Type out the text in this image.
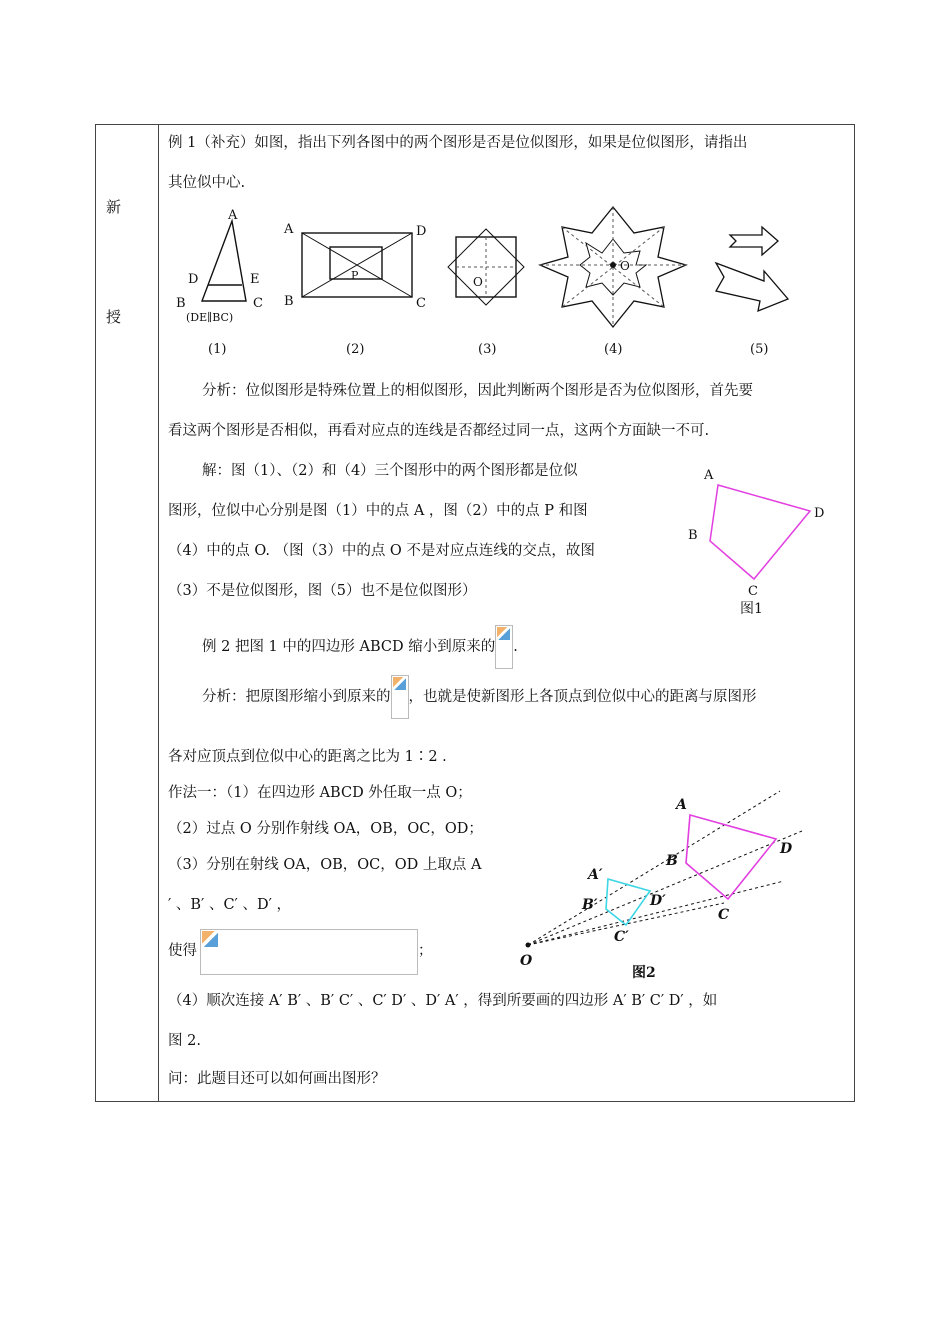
新
授
例 1（补充）如图，指出下列各图中的两个图形是否是位似图形，如果是位似图形，请指出
其位似中心.
A
D	E
B	C
(DE∥BC)
(1)
A	D
P
B	C
(2)
O
(3)
O
(4)	(5)
分析：位似图形是特殊位置上的相似图形，因此判断两个图形是否为位似图形，首先要
看这两个图形是否相似，再看对应点的连线是否都经过同一点，这两个方面缺一不可.
解：图（1）、（2）和（4）三个图形中的两个图形都是位似
图形，位似中心分别是图（1）中的点 A ，图（2）中的点 P 和图
（4）中的点 O. （图（3）中的点 O 不是对应点连线的交点，故图
（3）不是位似图形，图（5）也不是位似图形）
A
B
C
D
图1
例 2 把图 1 中的四边形 ABCD 缩小到原来的 .
分析：把原图形缩小到原来的 ，也就是使新图形上各顶点到位似中心的距离与原图形
各对应顶点到位似中心的距离之比为 1∶2 .
作法一：（1）在四边形 ABCD 外任取一点 O；
（2）过点 O 分别作射线 OA，OB，OC，OD；
（3）分别在射线 OA，OB，OC，OD 上取点 A
′ 、B′ 、C′ 、D′ ，
使得	；
A
B
C
D
A′
B′
C′
D′
O
图2
（4）顺次连接 A′ B′ 、B′ C′ 、C′ D′ 、D′ A′ ，得到所要画的四边形 A′ B′ C′ D′ ，如
图 2.
问：此题目还可以如何画出图形？
